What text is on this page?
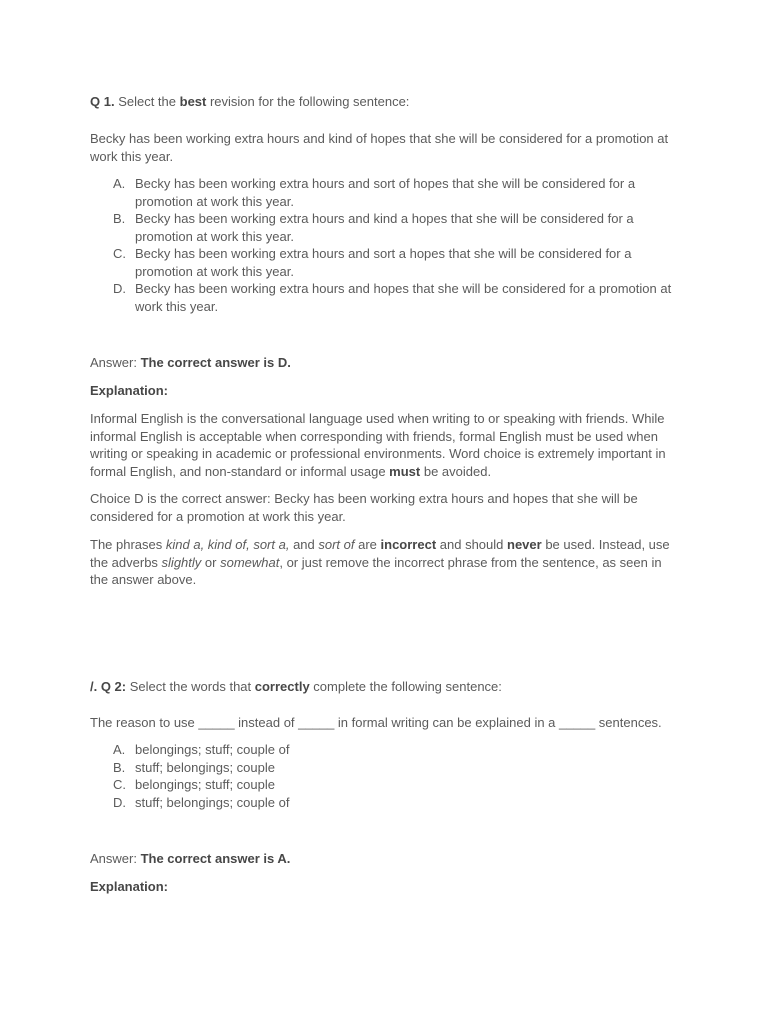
Q 1. Select the best revision for the following sentence:

Becky has been working extra hours and kind of hopes that she will be considered for a promotion at work this year.

A. Becky has been working extra hours and sort of hopes that she will be considered for a promotion at work this year.
B. Becky has been working extra hours and kind a hopes that she will be considered for a promotion at work this year.
C. Becky has been working extra hours and sort a hopes that she will be considered for a promotion at work this year.
D. Becky has been working extra hours and hopes that she will be considered for a promotion at work this year.

Answer: The correct answer is D.

Explanation:

Informal English is the conversational language used when writing to or speaking with friends. While informal English is acceptable when corresponding with friends, formal English must be used when writing or speaking in academic or professional environments. Word choice is extremely important in formal English, and non-standard or informal usage must be avoided.

Choice D is the correct answer: Becky has been working extra hours and hopes that she will be considered for a promotion at work this year.

The phrases kind a, kind of, sort a, and sort of are incorrect and should never be used. Instead, use the adverbs slightly or somewhat, or just remove the incorrect phrase from the sentence, as seen in the answer above.

/. Q 2: Select the words that correctly complete the following sentence:

The reason to use _____ instead of _____ in formal writing can be explained in a _____ sentences.

A. belongings; stuff; couple of
B. stuff; belongings; couple
C. belongings; stuff; couple
D. stuff; belongings; couple of

Answer: The correct answer is A.

Explanation:
